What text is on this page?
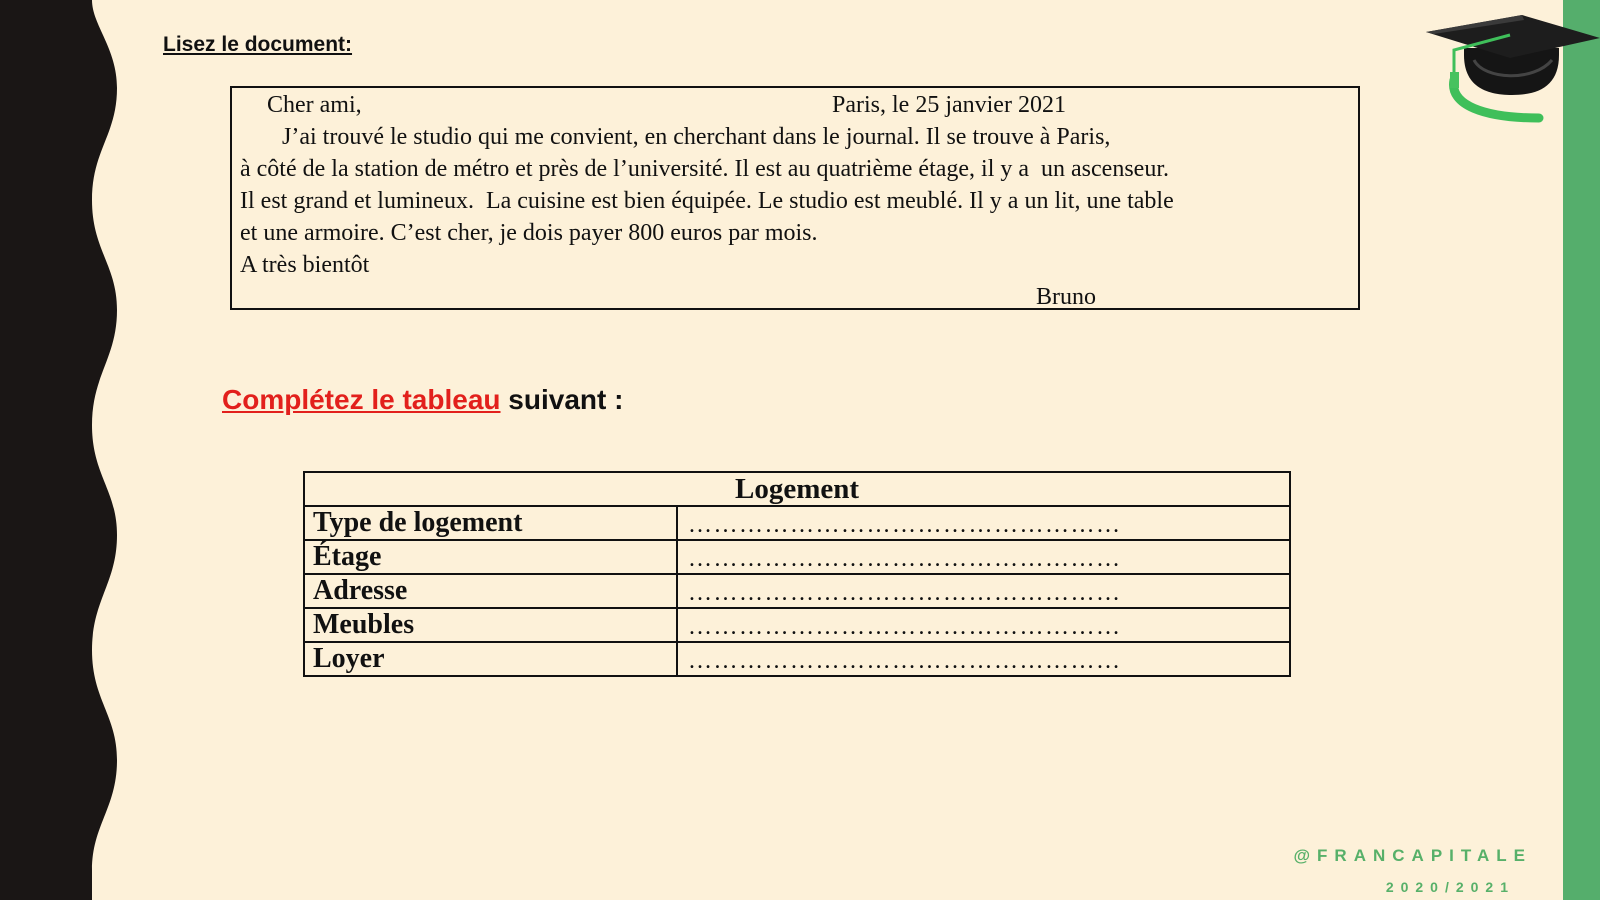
Lisez le document:
Cher ami,	Paris, le 25 janvier 2021
J’ai trouvé le studio qui me convient, en cherchant dans le journal. Il se trouve à Paris,
à côté de la station de métro et près de l’université. Il est au quatrième étage, il y a  un ascenseur.
Il est grand et lumineux.  La cuisine est bien équipée. Le studio est meublé. Il y a un lit, une table
et une armoire. C’est cher, je dois payer 800 euros par mois.
A très bientôt
Bruno
Complétez le tableau suivant :
Logement	
Type de logement	……………………………………………
Étage	……………………………………………
Adresse	……………………………………………
Meubles	……………………………………………
Loyer	……………………………………………
@FRANCAPITALE
2020/2021
